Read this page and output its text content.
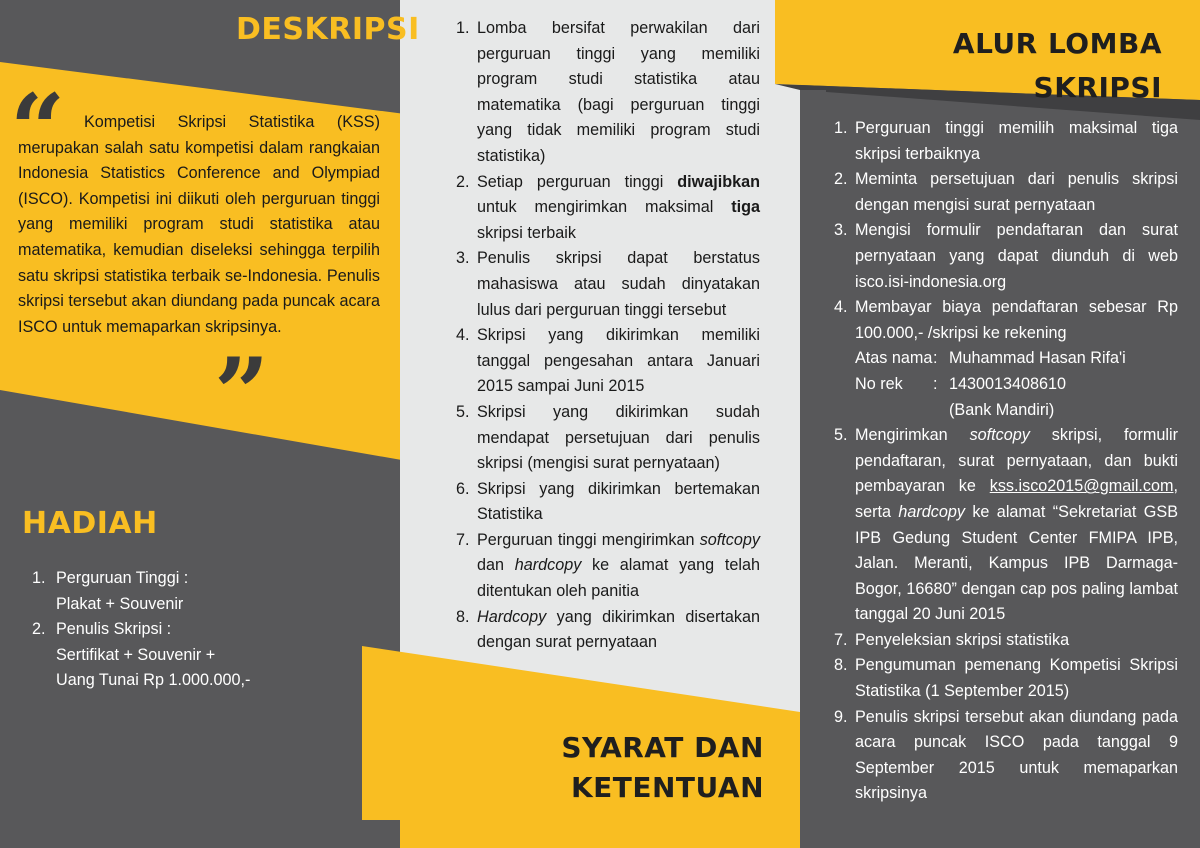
DESKRIPSI
“
”
Kompetisi Skripsi Statistika (KSS) merupakan salah satu kompetisi dalam rangkaian Indonesia Statistics Conference and Olympiad (ISCO). Kompetisi ini diikuti oleh perguruan tinggi yang memiliki program studi statistika atau matematika, kemudian diseleksi sehingga terpilih satu skripsi statistika terbaik se-Indonesia. Penulis skripsi tersebut akan diundang pada puncak acara ISCO untuk memaparkan skripsinya.
HADIAH
1. Perguruan Tinggi :
Plakat + Souvenir
2. Penulis Skripsi :
Sertifikat + Souvenir +
Uang Tunai Rp 1.000.000,-
1. Lomba bersifat perwakilan dari perguruan tinggi yang memiliki program studi statistika atau matematika (bagi perguruan tinggi yang tidak memiliki program studi statistika)
2. Setiap perguruan tinggi diwajibkan untuk mengirimkan maksimal tiga skripsi terbaik
3. Penulis skripsi dapat berstatus mahasiswa atau sudah dinyatakan lulus dari perguruan tinggi tersebut
4. Skripsi yang dikirimkan memiliki tanggal pengesahan antara Januari 2015 sampai Juni 2015
5. Skripsi yang dikirimkan sudah mendapat persetujuan dari penulis skripsi (mengisi surat pernyataan)
6. Skripsi yang dikirimkan bertemakan Statistika
7. Perguruan tinggi mengirimkan softcopy dan hardcopy ke alamat yang telah ditentukan oleh panitia
8. Hardcopy yang dikirimkan disertakan dengan surat pernyataan
SYARAT DAN
KETENTUAN
ALUR LOMBA
SKRIPSI
1. Perguruan tinggi memilih maksimal tiga skripsi terbaiknya
2. Meminta persetujuan dari penulis skripsi dengan mengisi surat pernyataan
3. Mengisi formulir pendaftaran dan surat pernyataan yang dapat diunduh di web isco.isi-indonesia.org
4. Membayar biaya pendaftaran sebesar Rp 100.000,- /skripsi ke rekening
Atas nama : Muhammad Hasan Rifa'i
No rek	: 1430013408610
(Bank Mandiri)
5. Mengirimkan softcopy skripsi, formulir pendaftaran, surat pernyataan, dan bukti pembayaran ke kss.isco2015@gmail.com, serta hardcopy ke alamat “Sekretariat GSB IPB Gedung Student Center FMIPA IPB, Jalan. Meranti, Kampus IPB Darmaga-Bogor, 16680” dengan cap pos paling lambat tanggal 20 Juni 2015
7. Penyeleksian skripsi statistika
8. Pengumuman pemenang Kompetisi Skripsi Statistika (1 September 2015)
9. Penulis skripsi tersebut akan diundang pada acara puncak ISCO pada tanggal 9 September 2015 untuk memaparkan skripsinya
